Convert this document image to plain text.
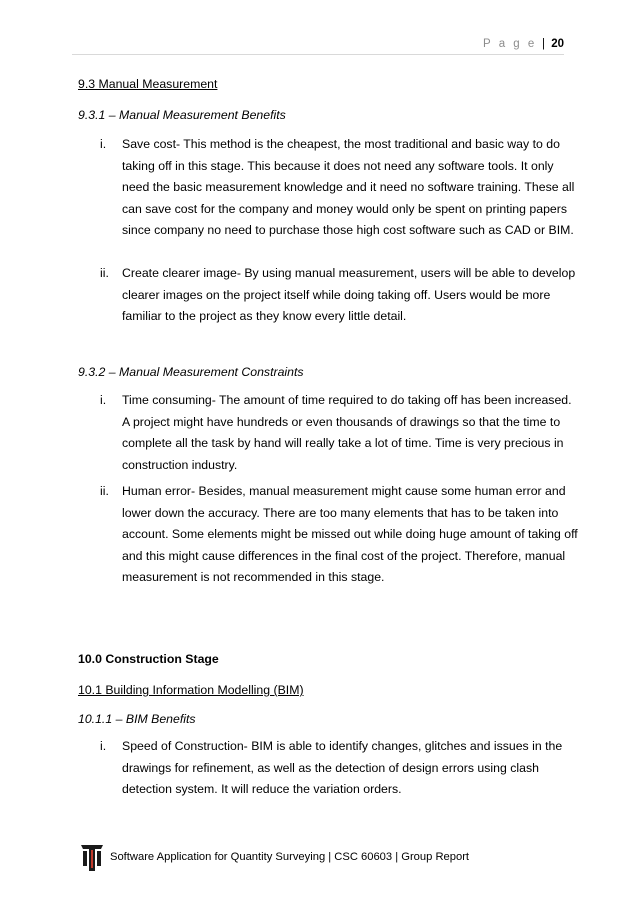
P a g e | 20
9.3 Manual Measurement
9.3.1 – Manual Measurement Benefits
i. Save cost- This method is the cheapest, the most traditional and basic way to do
taking off in this stage. This because it does not need any software tools. It only
need the basic measurement knowledge and it need no software training. These all
can save cost for the company and money would only be spent on printing papers
since company no need to purchase those high cost software such as CAD or BIM.
ii. Create clearer image- By using manual measurement, users will be able to develop
clearer images on the project itself while doing taking off. Users would be more
familiar to the project as they know every little detail.
9.3.2 – Manual Measurement Constraints
i. Time consuming- The amount of time required to do taking off has been increased.
A project might have hundreds or even thousands of drawings so that the time to
complete all the task by hand will really take a lot of time. Time is very precious in
construction industry.
ii. Human error- Besides, manual measurement might cause some human error and
lower down the accuracy. There are too many elements that has to be taken into
account. Some elements might be missed out while doing huge amount of taking off
and this might cause differences in the final cost of the project. Therefore, manual
measurement is not recommended in this stage.
10.0 Construction Stage
10.1 Building Information Modelling (BIM)
10.1.1 – BIM Benefits
i. Speed of Construction- BIM is able to identify changes, glitches and issues in the
drawings for refinement, as well as the detection of design errors using clash
detection system. It will reduce the variation orders.
Software Application for Quantity Surveying | CSC 60603 | Group Report
